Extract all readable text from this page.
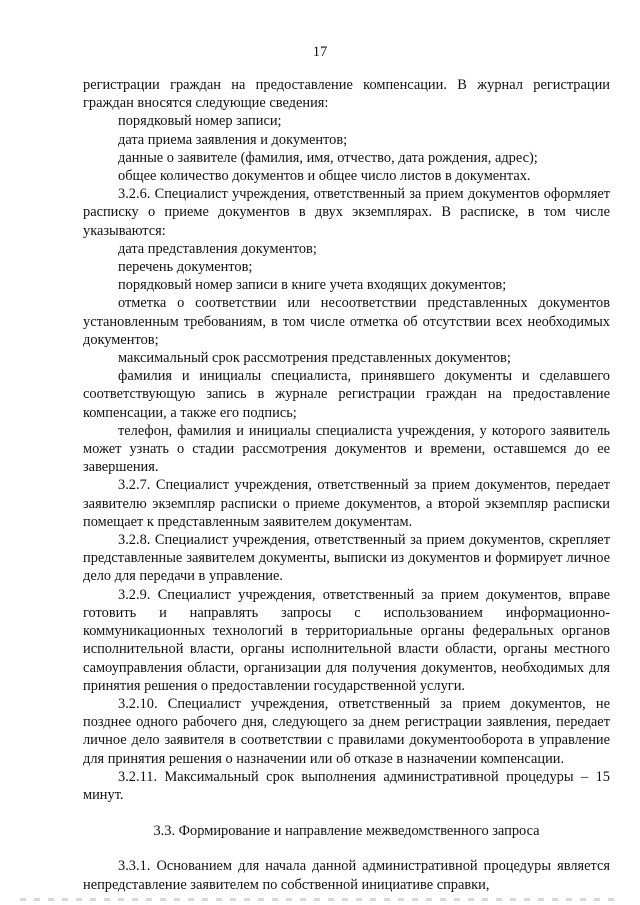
17

регистрации граждан на предоставление компенсации. В журнал регистрации граждан вносятся следующие сведения:

порядковый номер записи;

дата приема заявления и документов;

данные о заявителе (фамилия, имя, отчество, дата рождения, адрес);

общее количество документов и общее число листов в документах.

3.2.6. Специалист учреждения, ответственный за прием документов оформляет расписку о приеме документов в двух экземплярах. В расписке, в том числе указываются:

дата представления документов;

перечень документов;

порядковый номер записи в книге учета входящих документов;

отметка о соответствии или несоответствии представленных документов установленным требованиям, в том числе отметка об отсутствии всех необходимых документов;

максимальный срок рассмотрения представленных документов;

фамилия и инициалы специалиста, принявшего документы и сделавшего соответствующую запись в журнале регистрации граждан на предоставление компенсации, а также его подпись;

телефон, фамилия и инициалы специалиста учреждения, у которого заявитель может узнать о стадии рассмотрения документов и времени, оставшемся до ее завершения.

3.2.7. Специалист учреждения, ответственный за прием документов, передает заявителю экземпляр расписки о приеме документов, а второй экземпляр расписки помещает к представленным заявителем документам.

3.2.8. Специалист учреждения, ответственный за прием документов, скрепляет представленные заявителем документы, выписки из документов и формирует личное дело для передачи в управление.

3.2.9. Специалист учреждения, ответственный за прием документов, вправе готовить и направлять запросы с использованием информационно-коммуникационных технологий в территориальные органы федеральных органов исполнительной власти, органы исполнительной власти области, органы местного самоуправления области, организации для получения документов, необходимых для принятия решения о предоставлении государственной услуги.

3.2.10. Специалист учреждения, ответственный за прием документов, не позднее одного рабочего дня, следующего за днем регистрации заявления, передает личное дело заявителя в соответствии с правилами документооборота в управление для принятия решения о назначении или об отказе в назначении компенсации.

3.2.11. Максимальный срок выполнения административной процедуры – 15 минут.

3.3. Формирование и направление межведомственного запроса

3.3.1. Основанием для начала данной административной процедуры является непредставление заявителем по собственной инициативе справки,
